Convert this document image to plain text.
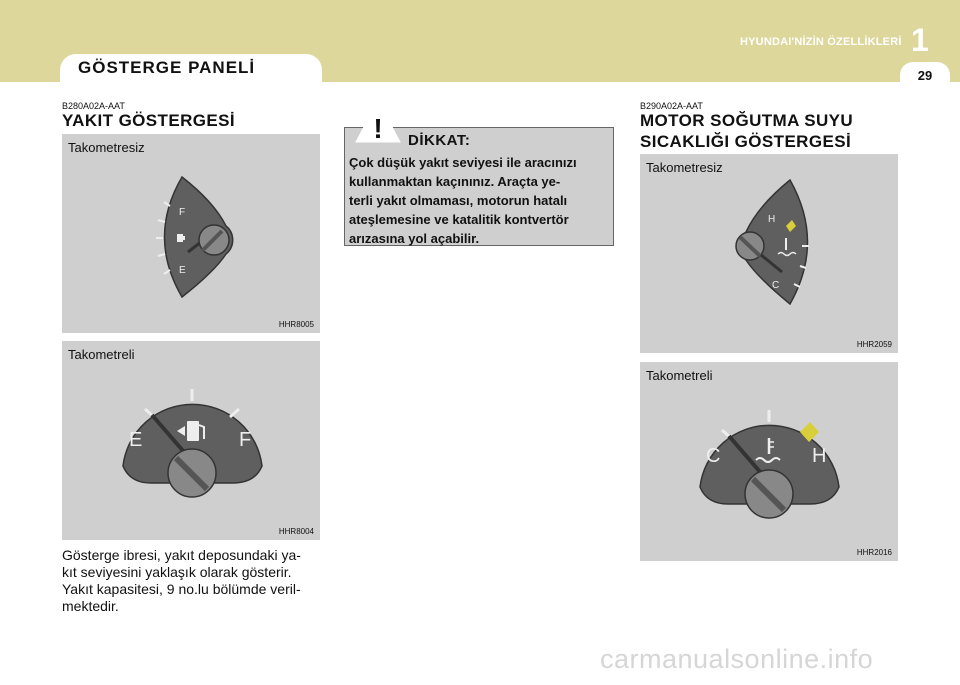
GÖSTERGE PANELİ
HYUNDAI'NİZİN ÖZELLİKLERİ 1
29
B280A02A-AAT
YAKIT GÖSTERGESİ
Takometresiz
F
E
HHR8005
Takometreli
E	F
HHR8004
Gösterge ibresi, yakıt deposundaki ya-
kıt seviyesini yaklaşık olarak gösterir.
Yakıt kapasitesi, 9 no.lu bölümde veril-
mektedir.
! DİKKAT:
Çok düşük yakıt seviyesi ile aracınızı
kullanmaktan kaçınınız. Araçta ye-
terli yakıt olmaması, motorun hatalı
ateşlemesine ve katalitik kontvertör
arızasına yol açabilir.
B290A02A-AAT
MOTOR SOĞUTMA SUYU
SICAKLIĞI GÖSTERGESİ
Takometresiz
H
C
HHR2059
Takometreli
C	H
HHR2016
carmanualsonline.info
